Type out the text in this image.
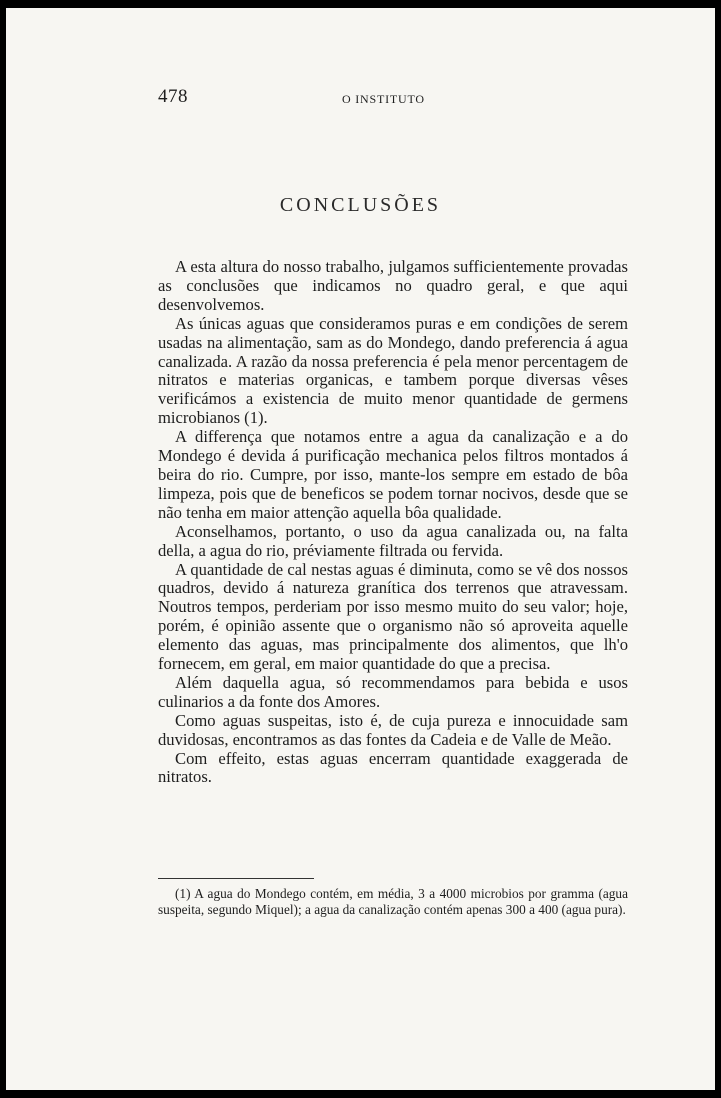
478	O INSTITUTO
CONCLUSÕES

A esta altura do nosso trabalho, julgamos sufficientemente provadas as conclusões que indicamos no quadro geral, e que aqui desenvolvemos.

As únicas aguas que consideramos puras e em condições de serem usadas na alimentação, sam as do Mondego, dando preferencia á agua canalizada. A razão da nossa preferencia é pela menor percentagem de nitratos e materias organicas, e tambem porque diversas vêses verificámos a existencia de muito menor quantidade de germens microbianos (1).

A differença que notamos entre a agua da canalização e a do Mondego é devida á purificação mechanica pelos filtros montados á beira do rio. Cumpre, por isso, mante-los sempre em estado de bôa limpeza, pois que de beneficos se podem tornar nocivos, desde que se não tenha em maior attenção aquella bôa qualidade.

Aconselhamos, portanto, o uso da agua canalizada ou, na falta della, a agua do rio, préviamente filtrada ou fervida.

A quantidade de cal nestas aguas é diminuta, como se vê dos nossos quadros, devido á natureza granítica dos terrenos que atravessam. Noutros tempos, perderiam por isso mesmo muito do seu valor; hoje, porém, é opinião assente que o organismo não só aproveita aquelle elemento das aguas, mas principalmente dos alimentos, que lh'o fornecem, em geral, em maior quantidade do que a precisa.

Além daquella agua, só recommendamos para bebida e usos culinarios a da fonte dos Amores.

Como aguas suspeitas, isto é, de cuja pureza e innocuidade sam duvidosas, encontramos as das fontes da Cadeia e de Valle de Meão.

Com effeito, estas aguas encerram quantidade exaggerada de nitratos.

(1) A agua do Mondego contém, em média, 3 a 4000 microbios por gramma (agua suspeita, segundo Miquel); a agua da canalização contém apenas 300 a 400 (agua pura).
